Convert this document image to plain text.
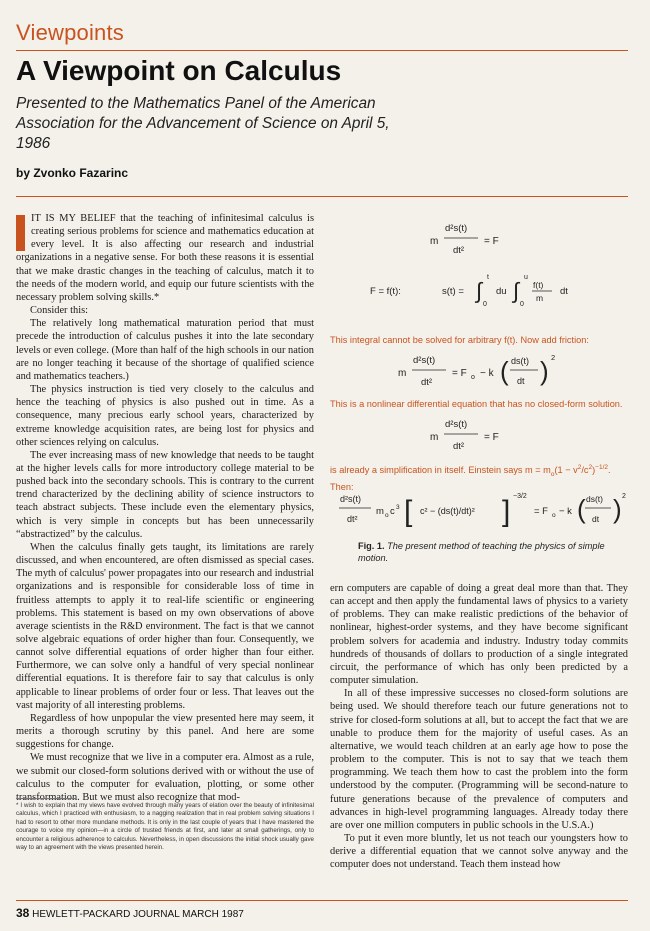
Viewpoints
A Viewpoint on Calculus
Presented to the Mathematics Panel of the American Association for the Advancement of Science on April 5, 1986
by Zvonko Fazarinc

IT IS MY BELIEF that the teaching of infinitesimal calculus is creating serious problems for science and mathematics education at every level. It is also affecting our research and industrial organizations in a negative sense. For both these reasons it is essential that we make drastic changes in the teaching of calculus, match it to the needs of the modern world, and equip our future scientists with the necessary problem solving skills.*

Consider this:

The relatively long mathematical maturation period that must precede the introduction of calculus pushes it into the late secondary levels or even college. (More than half of the high schools in our nation are no longer teaching it because of the shortage of qualified science and mathematics teachers.)

The physics instruction is tied very closely to the calculus and hence the teaching of physics is also pushed out in time. As a consequence, many precious early school years, characterized by extreme knowledge acquisition rates, are being lost for physics and other sciences relying on calculus.

The ever increasing mass of new knowledge that needs to be taught at the higher levels calls for more introductory college material to be pushed back into the secondary schools. This is contrary to the current trend characterized by the declining ability of science instructors to teach abstract subjects. These include even the elementary physics, which is very simple in concepts but has been unnecessarily “abstractized” by the calculus.

When the calculus finally gets taught, its limitations are rarely discussed, and when encountered, are often dismissed as special cases. The myth of calculus' power propagates into our research and industrial organizations and is responsible for considerable loss of time in fruitless attempts to apply it to real-life scientific or engineering problems. This statement is based on my own observations of above average scientists in the R&D environment. The fact is that we cannot solve algebraic equations of order higher than four. Consequently, we cannot solve differential equations of order higher than four either. Furthermore, we can solve only a handful of very special nonlinear differential equations. It is therefore fair to say that calculus is only applicable to linear problems of order four or less. That leaves out the vast majority of all interesting problems.

Regardless of how unpopular the view presented here may seem, it merits a thorough scrutiny by this panel. And here are some suggestions for change.

We must recognize that we live in a computer era. Almost as a rule, we submit our closed-form solutions derived with or without the use of calculus to the computer for evaluation, plotting, or some other transformation. But we must also recognize that mod-

* I wish to explain that my views have evolved through many years of elation over the beauty of infinitesimal calculus, which I practiced with enthusiasm, to a nagging realization that in real problem solving situations I had to resort to other more mundane methods. It is only in the last couple of years that I have mastered the courage to voice my opinion—in a circle of trusted friends at first, and later at small gatherings, only to encounter a religious adherence to calculus. Nevertheless, in open discussions the initial shock usually gave way to an agreement with the views presented herein.
m
d²s(t)
dt²
= F
F = f(t):	s(t) = ∫
t
0
du ∫
u
0
f(t)
m
dt
This integral cannot be solved for arbitrary f(t). Now add friction:
m
d²s(t)
dt²
= F o − k ( ds(t)
dt ) 2
This is a nonlinear differential equation that has no closed-form solution.
m
d²s(t)
dt²
= F
is already a simplification in itself. Einstein says $m = m_o(1 - v^2/c^2)^{-1/2}$.
Then:
d²s(t)
dt²
m o c 3 [ c² − (ds(t)/dt)² ] −3/2
= F o − k ( ds(t)
dt ) 2
Fig. 1. The present method of teaching the physics of simple motion.

ern computers are capable of doing a great deal more than that. They can accept and then apply the fundamental laws of physics to a variety of problems. They can make realistic predictions of the behavior of nonlinear, highest-order systems, and they have become significant problem solvers for academia and industry. Industry today commits hundreds of thousands of dollars to production of a single integrated circuit, the performance of which has only been predicted by a computer simulation.

In all of these impressive successes no closed-form solutions are being used. We should therefore teach our future generations not to strive for closed-form solutions at all, but to accept the fact that we are unable to produce them for the majority of useful cases. As an alternative, we would teach children at an early age how to pose the problem to the computer. This is not to say that we teach them programming. We teach them how to cast the problem into the form understood by the computer. (Programming will be second-nature to future generations because of the prevalence of computers and advances in high-level programming languages. Already today there are over one million computers in public schools in the U.S.A.)

To put it even more bluntly, let us not teach our youngsters how to derive a differential equation that we cannot solve anyway and the computer does not understand. Teach them instead how

38 HEWLETT-PACKARD JOURNAL MARCH 1987
